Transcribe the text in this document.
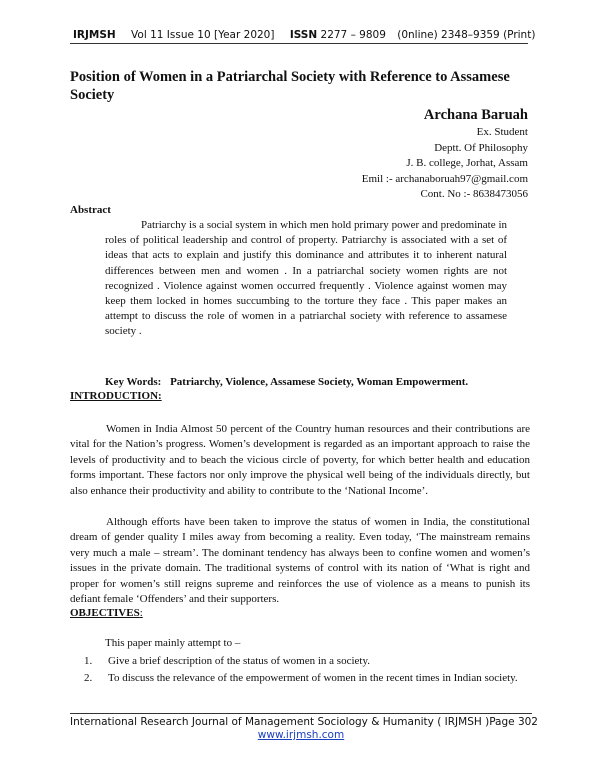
IRJMSH Vol 11 Issue 10 [Year 2020] ISSN 2277 – 9809 (0nline) 2348–9359 (Print)
Position of Women in a Patriarchal Society with Reference to Assamese Society
Archana Baruah
Ex. Student
Deptt. Of Philosophy
J. B. college, Jorhat, Assam
Emil :- archanaboruah97@gmail.com
Cont. No :- 8638473056
Abstract

Patriarchy is a social system in which men hold primary power and predominate in roles of political leadership and control of property. Patriarchy is associated with a set of ideas that acts to explain and justify this dominance and attributes it to inherent natural differences between men and women . In a patriarchal society women rights are not recognized . Violence against women occurred frequently . Violence against women may keep them locked in homes succumbing to the torture they face . This paper makes an attempt to discuss the role of women in a patriarchal society with reference to assamese society .

Key Words: Patriarchy, Violence, Assamese Society, Woman Empowerment.
INTRODUCTION:

Women in India Almost 50 percent of the Country human resources and their contributions are vital for the Nation’s progress. Women’s development is regarded as an important approach to raise the levels of productivity and to beach the vicious circle of poverty, for which better health and education forms important. These factors nor only improve the physical well being of the individuals directly, but also enhance their productivity and ability to contribute to the ‘National Income’.

Although efforts have been taken to improve the status of women in India, the constitutional dream of gender quality I miles away from becoming a reality. Even today, ‘The mainstream remains very much a male – stream’. The dominant tendency has always been to confine women and women’s issues in the private domain. The traditional systems of control with its nation of ‘What is right and proper for women’s still reigns supreme and reinforces the use of violence as a means to punish its defiant female ‘Offenders’ and their supporters.

OBJECTIVES:
This paper mainly attempt to –
1. Give a brief description of the status of women in a society.
2. To discuss the relevance of the empowerment of women in the recent times in Indian society.
International Research Journal of Management Sociology & Humanity ( IRJMSH ) Page 302
www.irjmsh.com
